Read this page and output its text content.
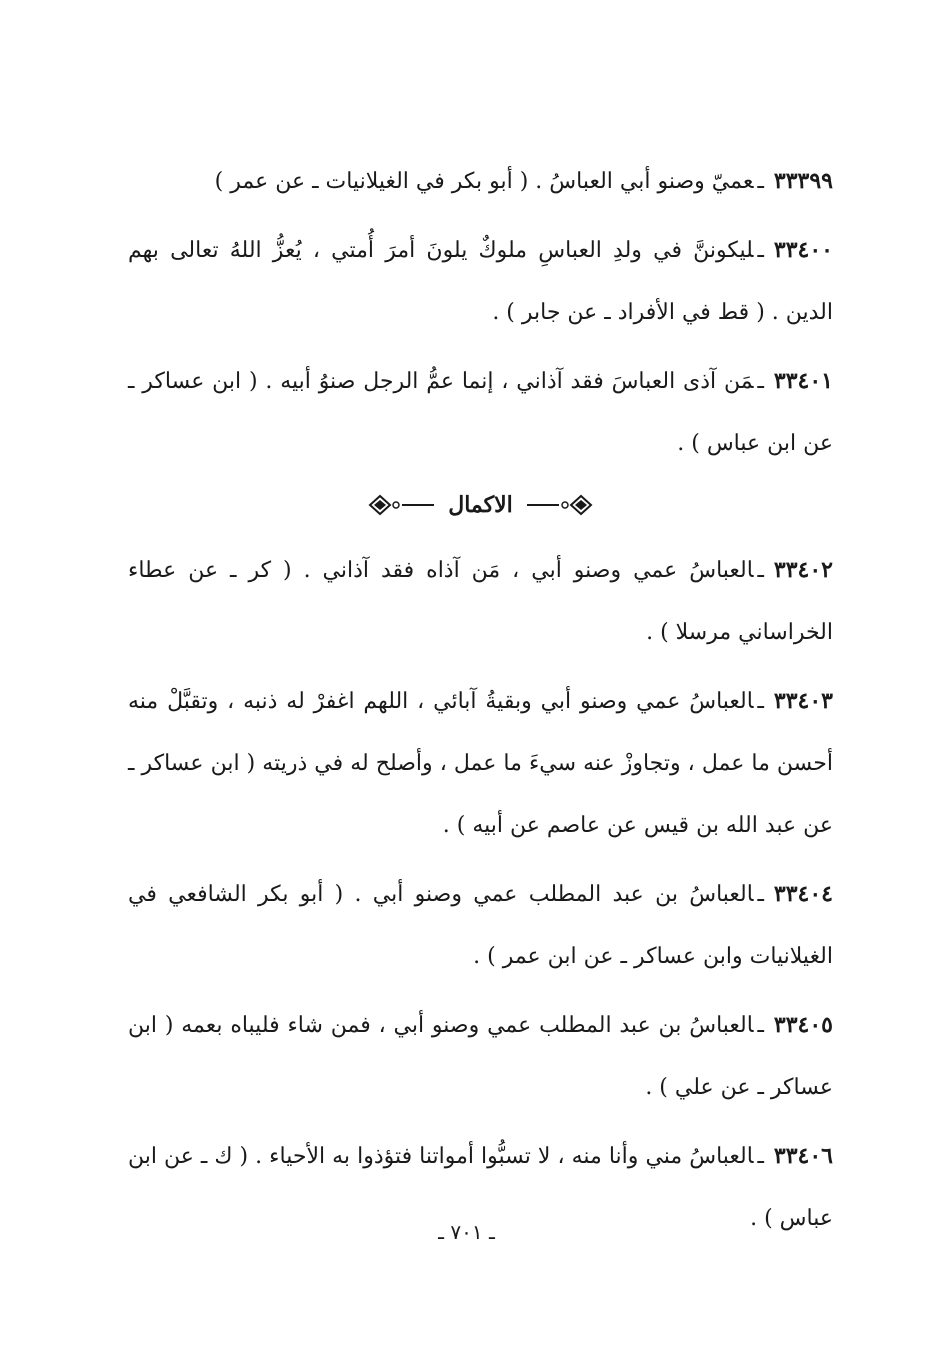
٣٣٣٩٩ـعميّ وصنو أبي العباسُ . ( أبو بكر في الغيلانيات ـ عن عمر )

٣٣٤٠٠ـليكوننَّ في ولدِ العباسِ ملوكٌ يلونَ أمرَ أُمتي ، يُعزُّ اللهُ تعالى بهم الدين . ( قط في الأفراد ـ عن جابر ) .

٣٣٤٠١ـمَن آذى العباسَ فقد آذاني ، إنما عمُّ الرجل صنوُ أبيه . ( ابن عساكر ـ عن ابن عباس ) .

الاكمال

٣٣٤٠٢ـالعباسُ عمي وصنو أبي ، مَن آذاه فقد آذاني . ( كر ـ عن عطاء الخراساني مرسلا ) .

٣٣٤٠٣ـالعباسُ عمي وصنو أبي وبقيةُ آبائي ، اللهم اغفرْ له ذنبه ، وتقبَّلْ منه أحسن ما عمل ، وتجاوزْ عنه سيءَ ما عمل ، وأصلح له في ذريته ( ابن عساكر ـ عن عبد الله بن قيس عن عاصم عن أبيه ) .

٣٣٤٠٤ـالعباسُ بن عبد المطلب عمي وصنو أبي . ( أبو بكر الشافعي في الغيلانيات وابن عساكر ـ عن ابن عمر ) .

٣٣٤٠٥ـالعباسُ بن عبد المطلب عمي وصنو أبي ، فمن شاء فليباه بعمه ( ابن عساكر ـ عن علي ) .

٣٣٤٠٦ـالعباسُ مني وأنا منه ، لا تسبُّوا أمواتنا فتؤذوا به الأحياء . ( ك ـ عن ابن عباس ) .

ـ ٧٠١ ـ
